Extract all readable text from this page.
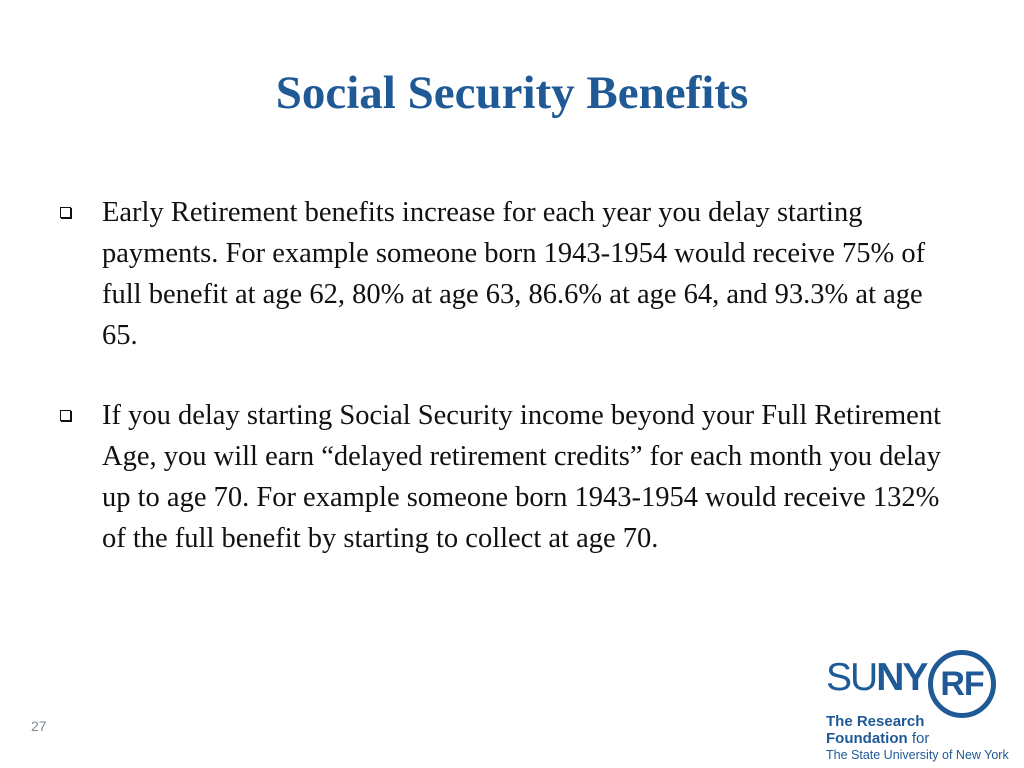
Social Security Benefits
Early Retirement benefits increase for each year you delay starting payments. For example someone born 1943-1954 would receive 75% of full benefit at age 62, 80% at age 63, 86.6% at age 64, and 93.3% at age 65.
If you delay starting Social Security income beyond your Full Retirement Age, you will earn “delayed retirement credits” for each month you delay up to age 70. For example someone born 1943-1954 would receive 132% of the full benefit by starting to collect at age 70.
27
SUNY RF
The Research
Foundation for
The State University of New York
